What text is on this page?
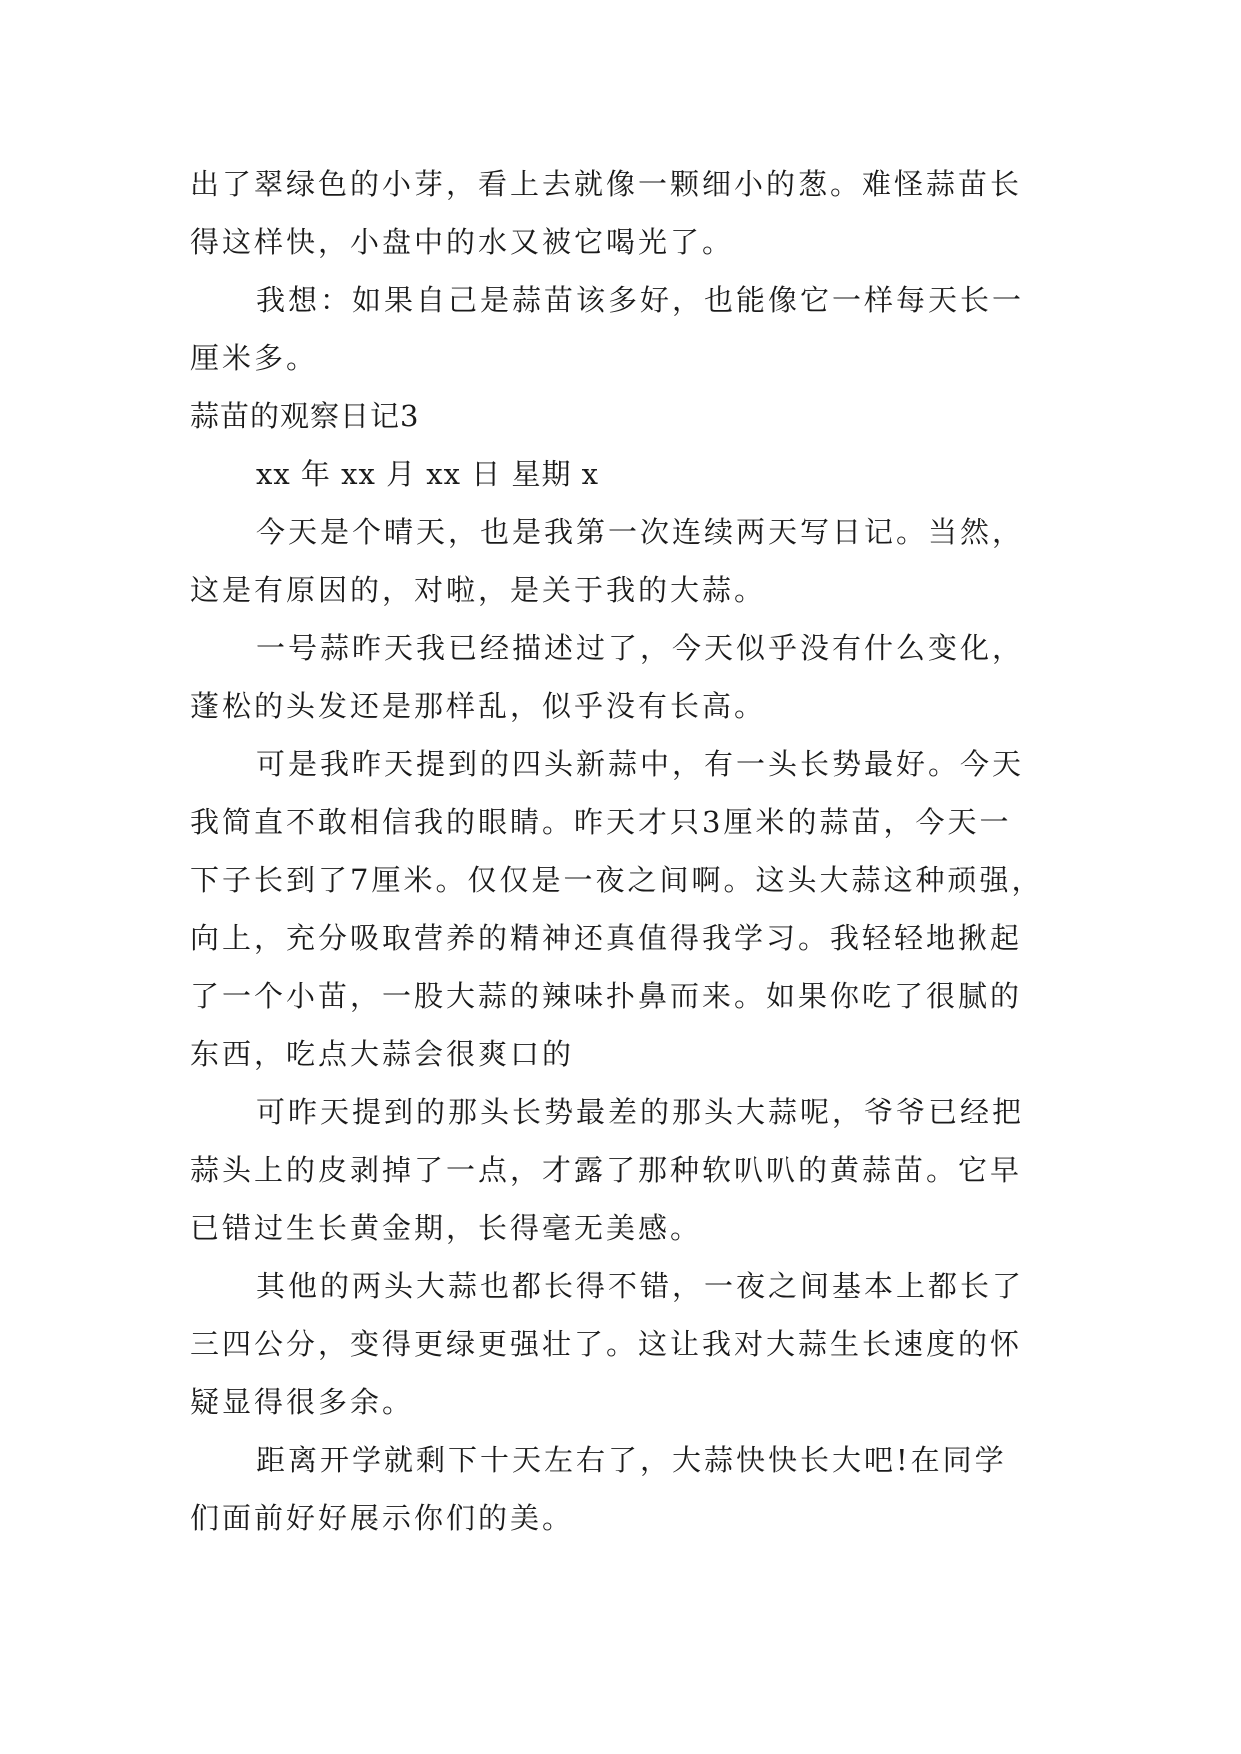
出了翠绿色的小芽，看上去就像一颗细小的葱。难怪蒜苗长
得这样快，小盘中的水又被它喝光了。
我想：如果自己是蒜苗该多好，也能像它一样每天长一
厘米多。
蒜苗的观察日记3
xx 年 xx 月 xx 日 星期 x
今天是个晴天，也是我第一次连续两天写日记。当然，
这是有原因的，对啦，是关于我的大蒜。
一号蒜昨天我已经描述过了，今天似乎没有什么变化，
蓬松的头发还是那样乱，似乎没有长高。
可是我昨天提到的四头新蒜中，有一头长势最好。今天
我简直不敢相信我的眼睛。昨天才只3厘米的蒜苗，今天一
下子长到了7厘米。仅仅是一夜之间啊。这头大蒜这种顽强，
向上，充分吸取营养的精神还真值得我学习。我轻轻地揪起
了一个小苗，一股大蒜的辣味扑鼻而来。如果你吃了很腻的
东西，吃点大蒜会很爽口的
可昨天提到的那头长势最差的那头大蒜呢，爷爷已经把
蒜头上的皮剥掉了一点，才露了那种软叭叭的黄蒜苗。它早
已错过生长黄金期，长得毫无美感。
其他的两头大蒜也都长得不错，一夜之间基本上都长了
三四公分，变得更绿更强壮了。这让我对大蒜生长速度的怀
疑显得很多余。
距离开学就剩下十天左右了，大蒜快快长大吧!在同学
们面前好好展示你们的美。
